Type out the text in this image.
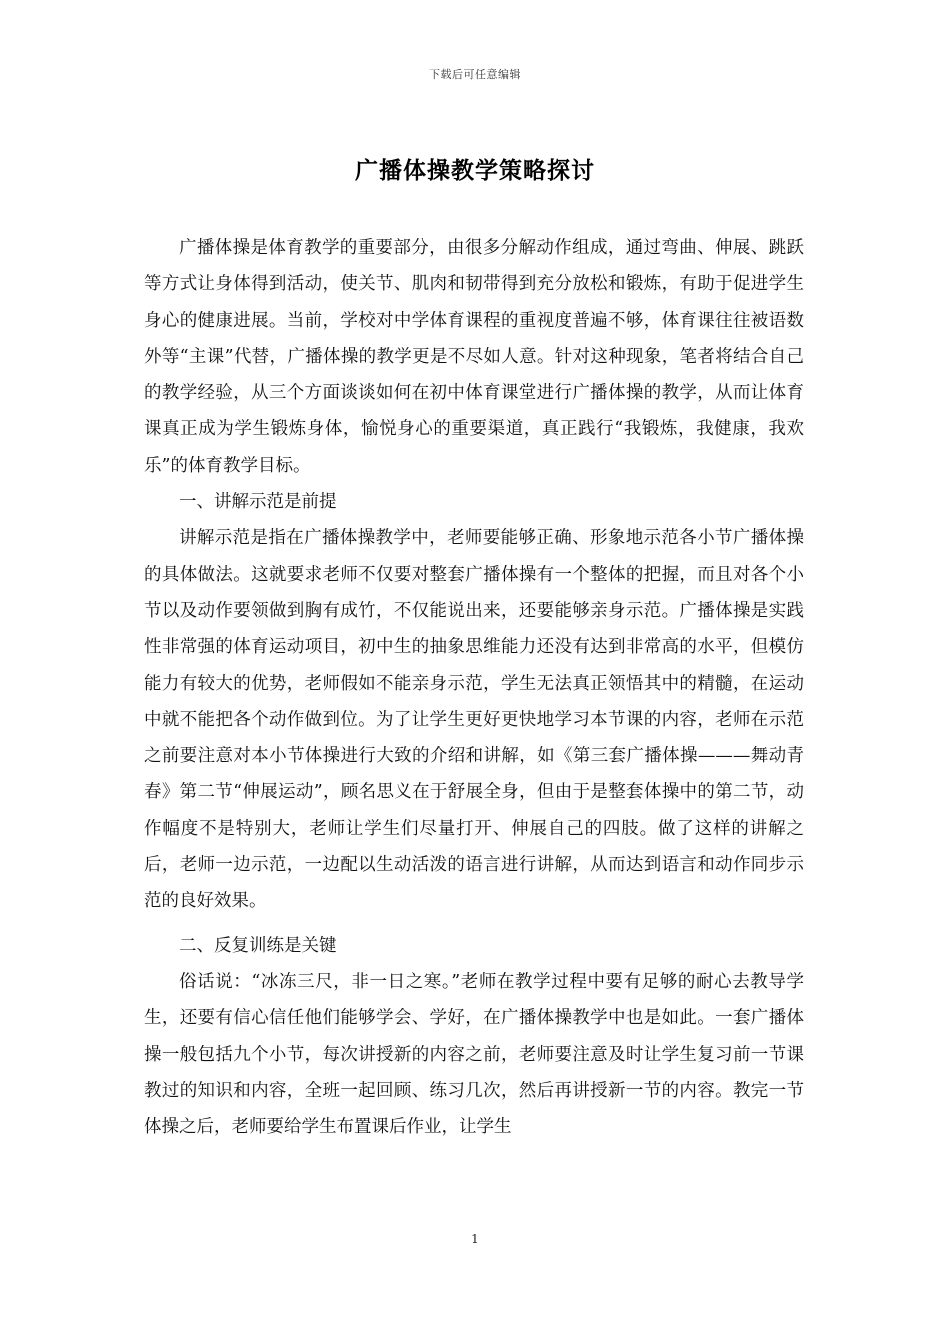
下载后可任意编辑
广播体操教学策略探讨

广播体操是体育教学的重要部分，由很多分解动作组成，通过弯曲、伸展、跳跃等方式让身体得到活动，使关节、肌肉和韧带得到充分放松和锻炼，有助于促进学生身心的健康进展。当前，学校对中学体育课程的重视度普遍不够，体育课往往被语数外等“主课”代替，广播体操的教学更是不尽如人意。针对这种现象，笔者将结合自己的教学经验，从三个方面谈谈如何在初中体育课堂进行广播体操的教学，从而让体育课真正成为学生锻炼身体，愉悦身心的重要渠道，真正践行“我锻炼，我健康，我欢乐”的体育教学目标。

一、讲解示范是前提

讲解示范是指在广播体操教学中，老师要能够正确、形象地示范各小节广播体操的具体做法。这就要求老师不仅要对整套广播体操有一个整体的把握，而且对各个小节以及动作要领做到胸有成竹，不仅能说出来，还要能够亲身示范。广播体操是实践性非常强的体育运动项目，初中生的抽象思维能力还没有达到非常高的水平，但模仿能力有较大的优势，老师假如不能亲身示范，学生无法真正领悟其中的精髓，在运动中就不能把各个动作做到位。为了让学生更好更快地学习本节课的内容，老师在示范之前要注意对本小节体操进行大致的介绍和讲解，如《第三套广播体操———舞动青春》第二节“伸展运动”，顾名思义在于舒展全身，但由于是整套体操中的第二节，动作幅度不是特别大，老师让学生们尽量打开、伸展自己的四肢。做了这样的讲解之后，老师一边示范，一边配以生动活泼的语言进行讲解，从而达到语言和动作同步示范的良好效果。

二、反复训练是关键

俗话说：“冰冻三尺，非一日之寒。”老师在教学过程中要有足够的耐心去教导学生，还要有信心信任他们能够学会、学好，在广播体操教学中也是如此。一套广播体操一般包括九个小节，每次讲授新的内容之前，老师要注意及时让学生复习前一节课教过的知识和内容，全班一起回顾、练习几次，然后再讲授新一节的内容。教完一节体操之后，老师要给学生布置课后作业，让学生

1
